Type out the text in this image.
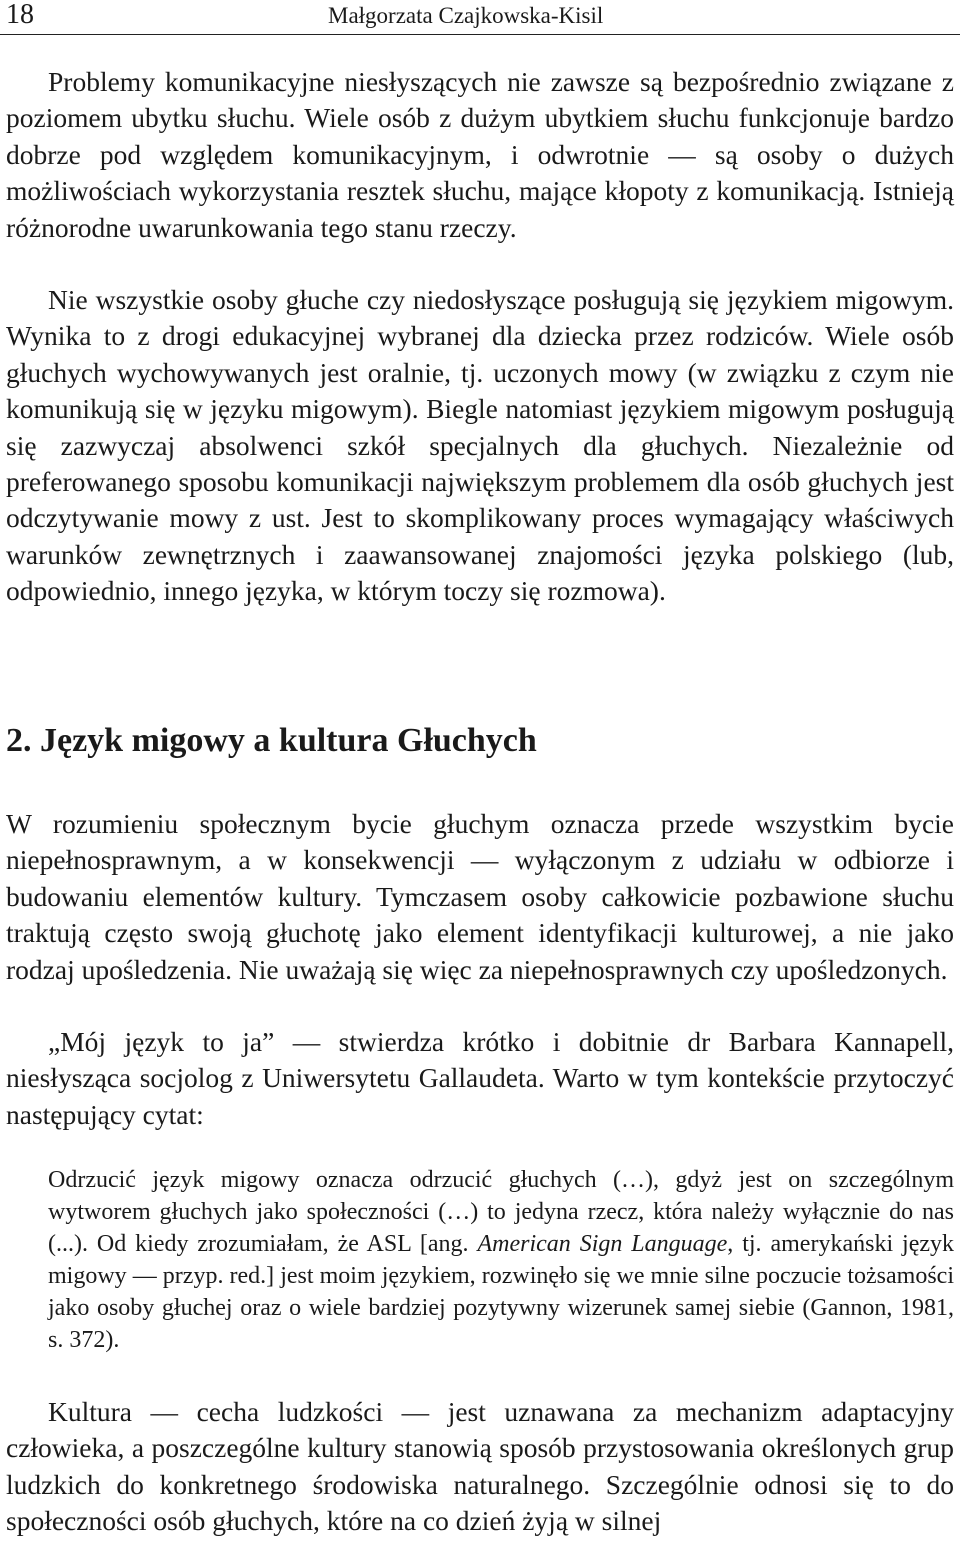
18	Małgorzata Czajkowska-Kisil

Problemy komunikacyjne niesłyszących nie zawsze są bezpośrednio związane z poziomem ubytku słuchu. Wiele osób z dużym ubytkiem słuchu funkcjonuje bardzo dobrze pod względem komunikacyjnym, i odwrotnie — są osoby o dużych możliwościach wykorzystania resztek słuchu, mające kłopoty z komunikacją. Istnieją różnorodne uwarunkowania tego stanu rzeczy.

Nie wszystkie osoby głuche czy niedosłyszące posługują się językiem migowym. Wynika to z drogi edukacyjnej wybranej dla dziecka przez rodziców. Wiele osób głuchych wychowywanych jest oralnie, tj. uczonych mowy (w związku z czym nie komunikują się w języku migowym). Biegle natomiast językiem migowym posługują się zazwyczaj absolwenci szkół specjalnych dla głuchych. Niezależnie od preferowanego sposobu komunikacji największym problemem dla osób głuchych jest odczytywanie mowy z ust. Jest to skomplikowany proces wymagający właściwych warunków zewnętrznych i zaawansowanej znajomości języka polskiego (lub, odpowiednio, innego języka, w którym toczy się rozmowa).

2. Język migowy a kultura Głuchych

W rozumieniu społecznym bycie głuchym oznacza przede wszystkim bycie niepełnosprawnym, a w konsekwencji — wyłączonym z udziału w odbiorze i budowaniu elementów kultury. Tymczasem osoby całkowicie pozbawione słuchu traktują często swoją głuchotę jako element identyfikacji kulturowej, a nie jako rodzaj upośledzenia. Nie uważają się więc za niepełnosprawnych czy upośledzonych.

„Mój język to ja” — stwierdza krótko i dobitnie dr Barbara Kannapell, niesłysząca socjolog z Uniwersytetu Gallaudeta. Warto w tym kontekście przytoczyć następujący cytat:

Odrzucić język migowy oznacza odrzucić głuchych (…), gdyż jest on szczególnym wytworem głuchych jako społeczności (…) to jedyna rzecz, która należy wyłącznie do nas (...). Od kiedy zrozumiałam, że ASL [ang. American Sign Language, tj. amerykański język migowy — przyp. red.] jest moim językiem, rozwinęło się we mnie silne poczucie tożsamości jako osoby głuchej oraz o wiele bardziej pozytywny wizerunek samej siebie (Gannon, 1981, s. 372).

Kultura — cecha ludzkości — jest uznawana za mechanizm adaptacyjny człowieka, a poszczególne kultury stanowią sposób przystosowania określonych grup ludzkich do konkretnego środowiska naturalnego. Szczególnie odnosi się to do społeczności osób głuchych, które na co dzień żyją w silnej
